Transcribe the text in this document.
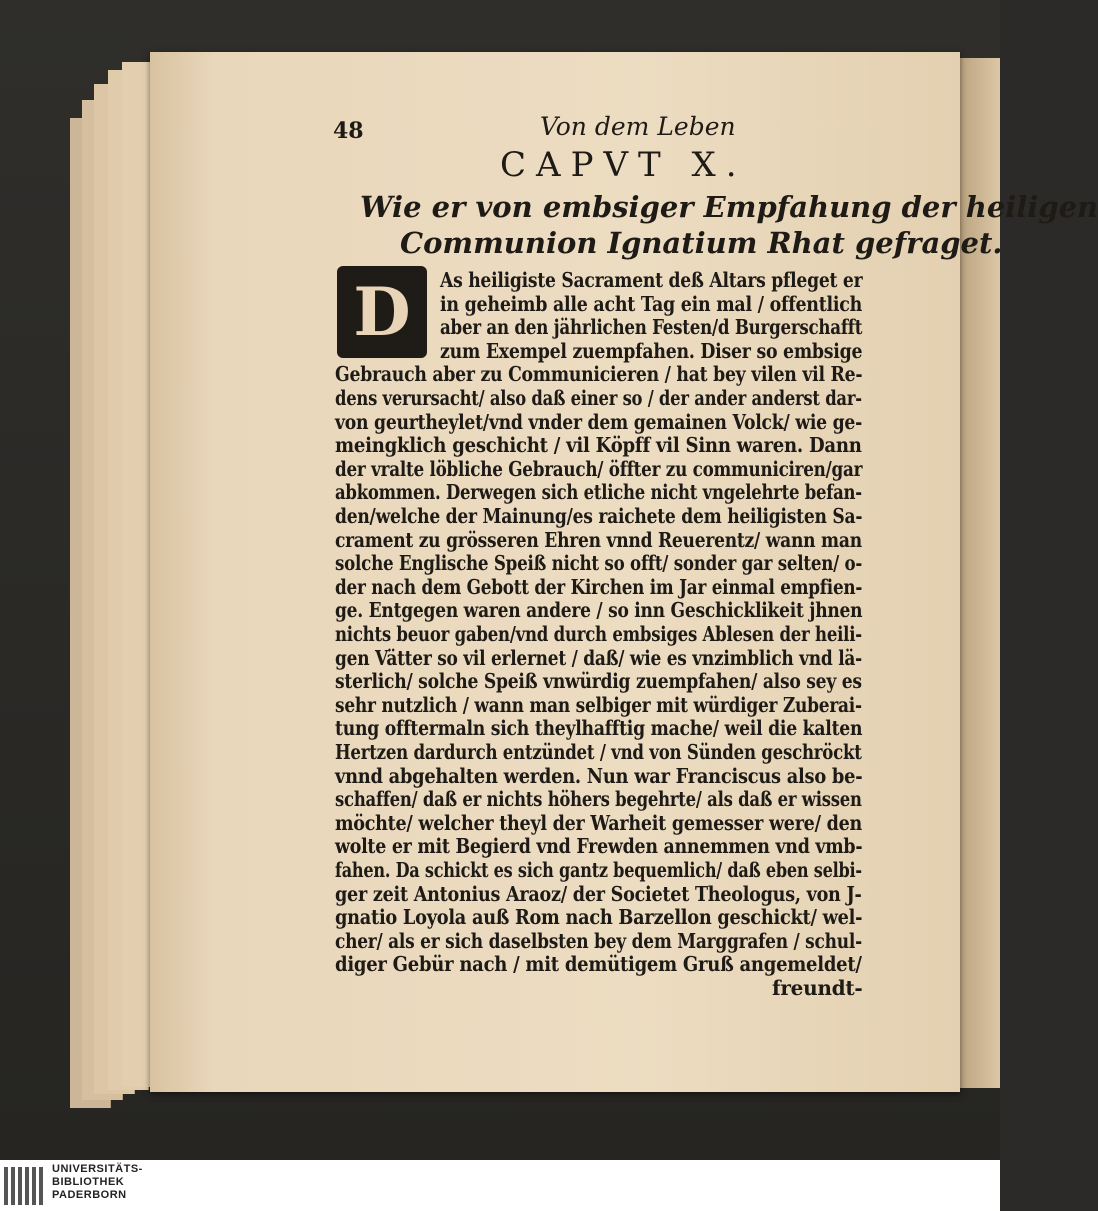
48	Von dem Leben
CAPVT X.
Wie er von embsiger Empfahung der heiligen
Communion Ignatium Rhat gefraget.
D	As heiligiste Sacrament deß Altars pfleget er
in geheimb alle acht Tag ein mal / offentlich
aber an den jährlichen Festen/d Burgerschafft
zum Exempel zuempfahen. Diser so embsige
Gebrauch aber zu Communicieren / hat bey vilen vil Re-
dens verursacht/ also daß einer so / der ander anderst dar-
von geurtheylet/vnd vnder dem gemainen Volck/ wie ge-
meingklich geschicht / vil Köpff vil Sinn waren. Dann
der vralte löbliche Gebrauch/ öffter zu communiciren/gar
abkommen. Derwegen sich etliche nicht vngelehrte befan-
den/welche der Mainung/es raichete dem heiligisten Sa-
crament zu grösseren Ehren vnnd Reuerentz/ wann man
solche Englische Speiß nicht so offt/ sonder gar selten/ o-
der nach dem Gebott der Kirchen im Jar einmal empfien-
ge. Entgegen waren andere / so inn Geschicklikeit jhnen
nichts beuor gaben/vnd durch embsiges Ablesen der heili-
gen Vätter so vil erlernet / daß/ wie es vnzimblich vnd lä-
sterlich/ solche Speiß vnwürdig zuempfahen/ also sey es
sehr nutzlich / wann man selbiger mit würdiger Zuberai-
tung offtermaln sich theylhafftig mache/ weil die kalten
Hertzen dardurch entzündet / vnd von Sünden geschröckt
vnnd abgehalten werden. Nun war Franciscus also be-
schaffen/ daß er nichts höhers begehrte/ als daß er wissen
möchte/ welcher theyl der Warheit gemesser were/ den
wolte er mit Begierd vnd Frewden annemmen vnd vmb-
fahen. Da schickt es sich gantz bequemlich/ daß eben selbi-
ger zeit Antonius Araoz/ der Societet Theologus, von J-
gnatio Loyola auß Rom nach Barzellon geschickt/ wel-
cher/ als er sich daselbsten bey dem Marggrafen / schul-
diger Gebür nach / mit demütigem Gruß angemeldet/
freundt-
UNIVERSITÄTS-
BIBLIOTHEK
PADERBORN
